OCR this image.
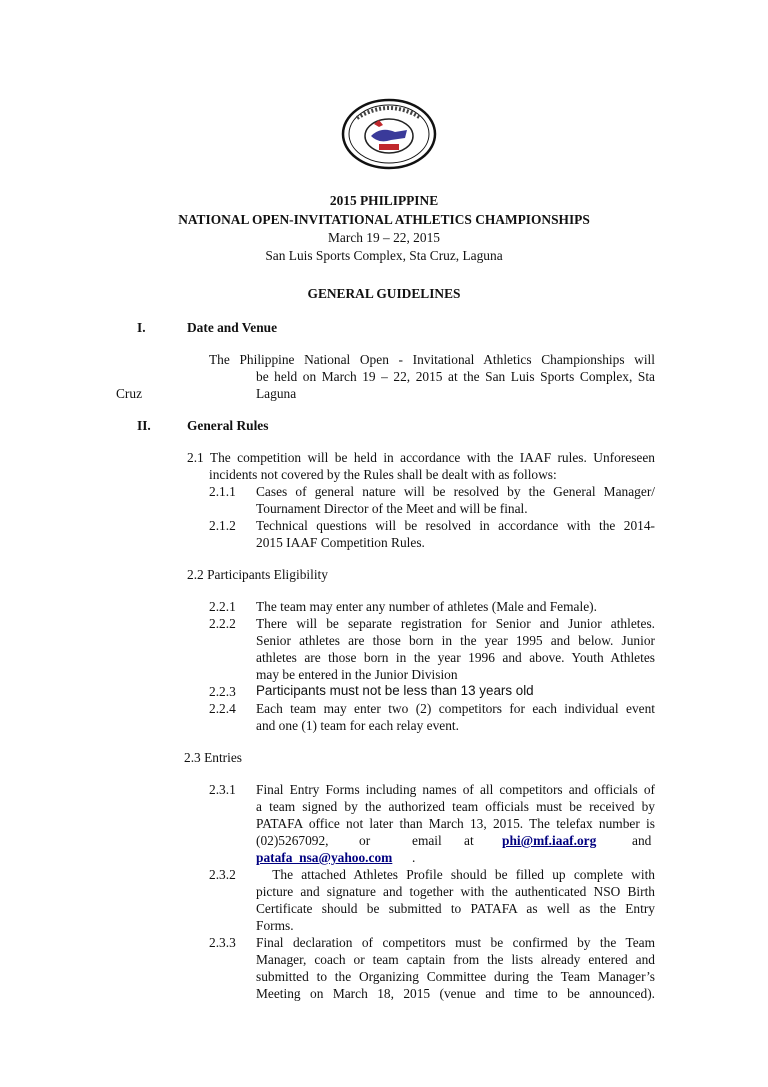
2015 PHILIPPINE
NATIONAL OPEN-INVITATIONAL ATHLETICS CHAMPIONSHIPS
March 19 – 22, 2015
San Luis Sports Complex, Sta Cruz, Laguna
GENERAL GUIDELINES
I.	Date and Venue
The Philippine National Open - Invitational Athletics Championships will
be held on March 19 – 22, 2015 at the San Luis Sports Complex, Sta
Cruz	Laguna
II.	General Rules
2.1 The competition will be held in accordance with the IAAF rules. Unforeseen
incidents not covered by the Rules shall be dealt with as follows:
2.1.1 Cases of general nature will be resolved by the General Manager/
Tournament Director of the Meet and will be final.
2.1.2 Technical questions will be resolved in accordance with the 2014-
2015 IAAF Competition Rules.
2.2 Participants Eligibility
2.2.1 The team may enter any number of athletes (Male and Female).
2.2.2 There will be separate registration for Senior and Junior athletes.
Senior athletes are those born in the year 1995 and below. Junior
athletes are those born in the year 1996 and above. Youth Athletes
may be entered in the Junior Division
2.2.3 Participants must not be less than 13 years old
2.2.4 Each team may enter two (2) competitors for each individual event
and one (1) team for each relay event.
2.3 Entries
2.3.1 Final Entry Forms including names of all competitors and officials of
a team signed by the authorized team officials must be received by
PATAFA office not later than March 13, 2015. The telefax number is
(02)5267092, or	email at phi@mf.iaaf.org	and
patafa_nsa@yahoo.com .
2.3.2 The attached Athletes Profile should be filled up complete with
picture and signature and together with the authenticated NSO Birth
Certificate should be submitted to PATAFA as well as the Entry
Forms.
2.3.3 Final declaration of competitors must be confirmed by the Team
Manager, coach or team captain from the lists already entered and
submitted to the Organizing Committee during the Team Manager’s
Meeting on March 18, 2015 (venue and time to be announced).
